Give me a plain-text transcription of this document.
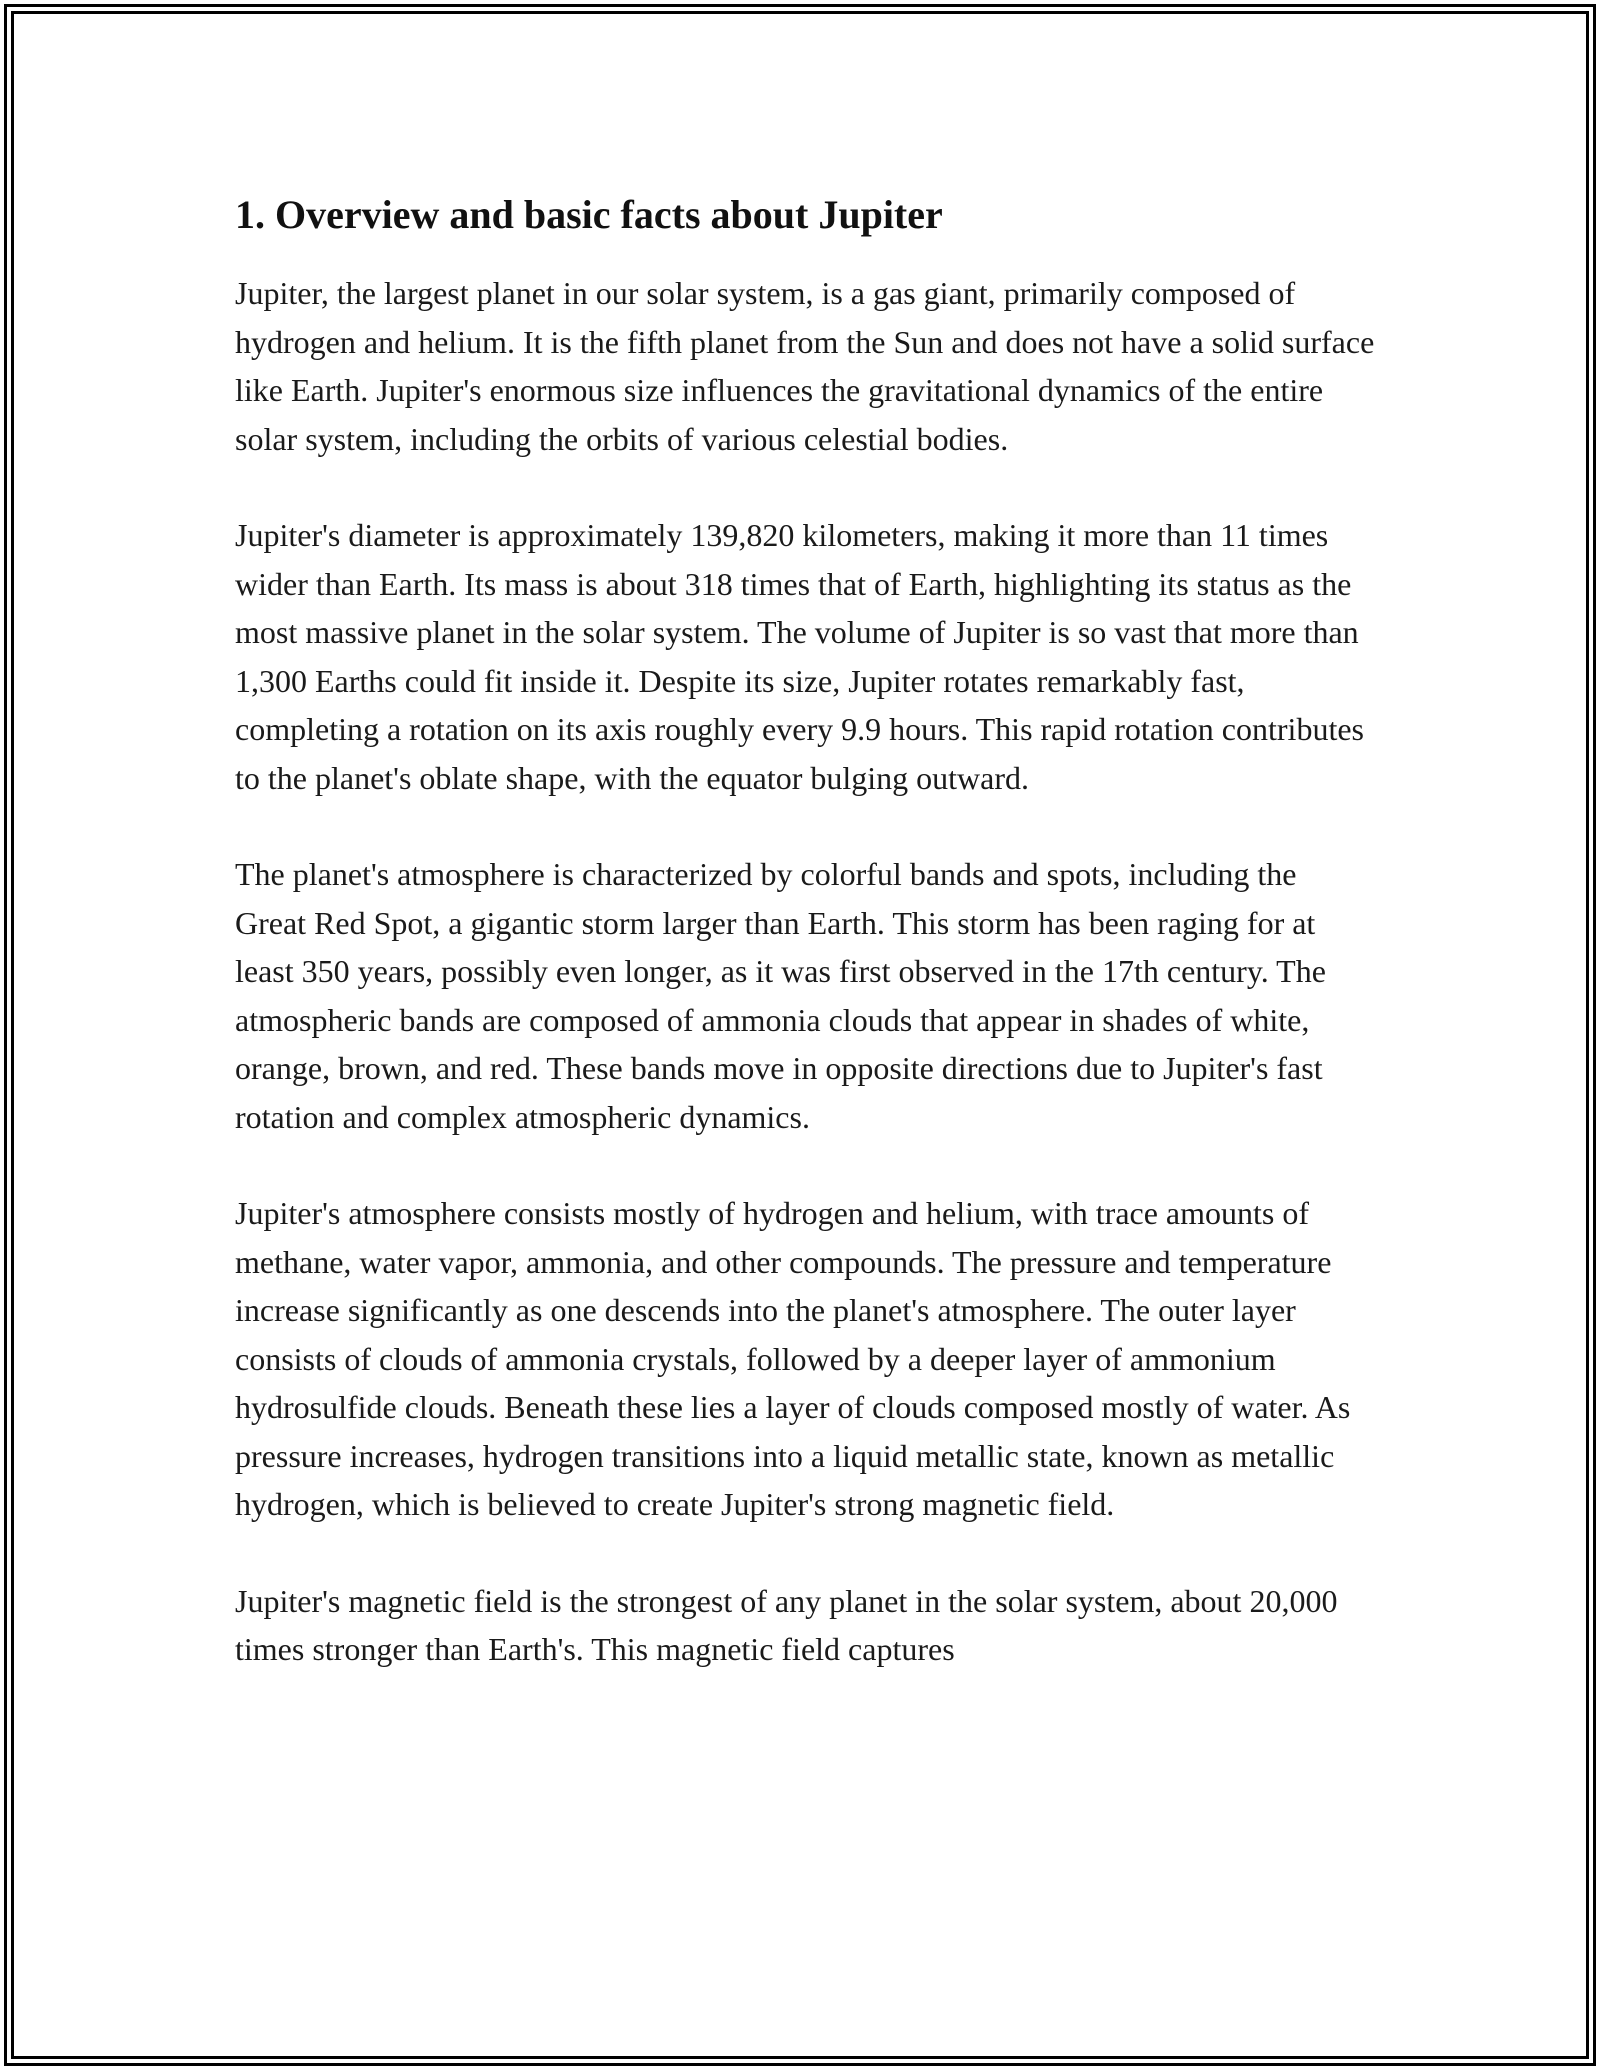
1. Overview and basic facts about Jupiter

Jupiter, the largest planet in our solar system, is a gas giant, primarily composed of hydrogen and helium. It is the fifth planet from the Sun and does not have a solid surface like Earth. Jupiter's enormous size influences the gravitational dynamics of the entire solar system, including the orbits of various celestial bodies.

Jupiter's diameter is approximately 139,820 kilometers, making it more than 11 times wider than Earth. Its mass is about 318 times that of Earth, highlighting its status as the most massive planet in the solar system. The volume of Jupiter is so vast that more than 1,300 Earths could fit inside it. Despite its size, Jupiter rotates remarkably fast, completing a rotation on its axis roughly every 9.9 hours. This rapid rotation contributes to the planet's oblate shape, with the equator bulging outward.

The planet's atmosphere is characterized by colorful bands and spots, including the Great Red Spot, a gigantic storm larger than Earth. This storm has been raging for at least 350 years, possibly even longer, as it was first observed in the 17th century. The atmospheric bands are composed of ammonia clouds that appear in shades of white, orange, brown, and red. These bands move in opposite directions due to Jupiter's fast rotation and complex atmospheric dynamics.

Jupiter's atmosphere consists mostly of hydrogen and helium, with trace amounts of methane, water vapor, ammonia, and other compounds. The pressure and temperature increase significantly as one descends into the planet's atmosphere. The outer layer consists of clouds of ammonia crystals, followed by a deeper layer of ammonium hydrosulfide clouds. Beneath these lies a layer of clouds composed mostly of water. As pressure increases, hydrogen transitions into a liquid metallic state, known as metallic hydrogen, which is believed to create Jupiter's strong magnetic field.

Jupiter's magnetic field is the strongest of any planet in the solar system, about 20,000 times stronger than Earth's. This magnetic field captures
